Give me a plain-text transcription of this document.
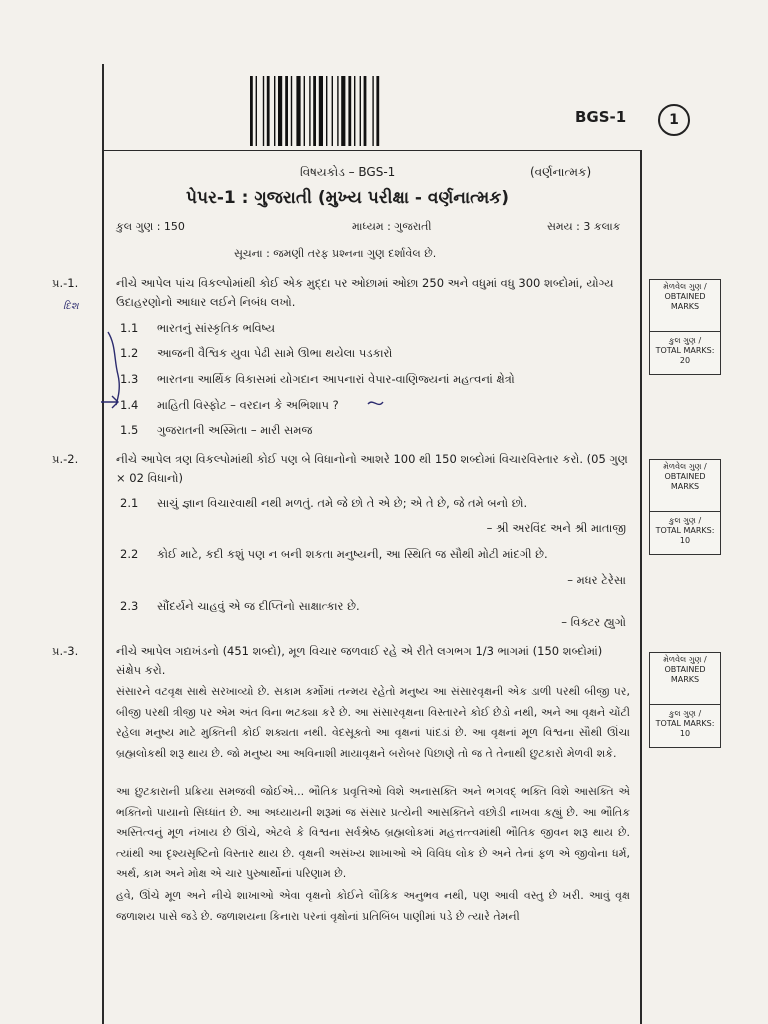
BGS-1	1
વિષયકોડ – BGS-1	(વર્ણનાત્મક)
પેપર-1 : ગુજરાતી (મુખ્ય પરીક્ષા - વર્ણનાત્મક)
કુલ ગુણ : 150	માધ્યમ : ગુજરાતી	સમય : 3 કલાક
સૂચના : જમણી તરફ પ્રશ્નના ગુણ દર્શાવેલ છે.
પ્ર.-1.	નીચે આપેલ પાંચ વિકલ્પોમાંથી કોઈ એક મુદ્દા પર ઓછામાં ઓછા 250 અને વધુમાં વધુ 300 શબ્દોમાં, યોગ્ય ઉદાહરણોનો આધાર લઈને નિબંધ લખો.
1.1 ભારતનું સાંસ્કૃતિક ભવિષ્ય
1.2 આજની વૈશ્વિક યુવા પેઢી સામે ઊભા થયેલા પડકારો
1.3 ભારતના આર્થિક વિકાસમાં યોગદાન આપનારાં વેપાર-વાણિજ્યનાં મહત્વનાં ક્ષેત્રો
1.4 માહિતી વિસ્ફોટ – વરદાન કે અભિશાપ ?
1.5 ગુજરાતની અસ્મિતા – મારી સમજ
મેળવેલ ગુણ /
OBTAINED MARKS
કુલ ગુણ /
TOTAL MARKS: 20
પ્ર.-2.	નીચે આપેલ ત્રણ વિકલ્પોમાંથી કોઈ પણ બે વિધાનોનો આશરે 100 થી 150 શબ્દોમાં વિચારવિસ્તાર કરો. (05 ગુણ × 02 વિધાનો)
2.1 સાચું જ્ઞાન વિચારવાથી નથી મળતું. તમે જે છો તે એ છે; એ તે છે, જે તમે બનો છો.
– શ્રી અરવિંદ અને શ્રી માતાજી
2.2 કોઈ માટે, કદી કશું પણ ન બની શકતા મનુષ્યની, આ સ્થિતિ જ સૌથી મોટી માંદગી છે.
– મધર ટેરેસા
2.3 સૌંદર્યને ચાહવું એ જ દીપ્તિનો સાક્ષાત્કાર છે.
– વિક્ટર હ્યુગો
મેળવેલ ગુણ /
OBTAINED MARKS
કુલ ગુણ /
TOTAL MARKS: 10
પ્ર.-3.	નીચે આપેલ ગદ્યખંડનો (451 શબ્દો), મૂળ વિચાર જળવાઈ રહે એ રીતે લગભગ 1/3 ભાગમાં (150 શબ્દોમાં) સંક્ષેપ કરો.
સંસારને વટવૃક્ષ સાથે સરખાવ્યો છે. સકામ કર્મોમાં તન્મય રહેતો મનુષ્ય આ સંસારવૃક્ષની એક ડાળી પરથી બીજી પર, બીજી પરથી ત્રીજી પર એમ અંત વિના ભટક્યા કરે છે. આ સંસારવૃક્ષના વિસ્તારને કોઈ છેડો નથી, અને આ વૃક્ષને ચોંટી રહેલા મનુષ્ય માટે મુક્તિની કોઈ શક્યતા નથી. વેદસૂક્તો આ વૃક્ષનાં પાંદડાં છે. આ વૃક્ષનાં મૂળ વિશ્વના સૌથી ઊંચા બ્રહ્મલોકથી શરૂ થાય છે. જો મનુષ્ય આ અવિનાશી માયાવૃક્ષને બરોબર પિછાણે તો જ તે તેનાથી છુટકારો મેળવી શકે.
આ છુટકારાની પ્રક્રિયા સમજવી જોઈએ... ભૌતિક પ્રવૃત્તિઓ વિશે અનાસક્તિ અને ભગવદ્ ભક્તિ વિશે આસક્તિ એ ભક્તિનો પાયાનો સિધ્ધાંત છે. આ અધ્યાયની શરૂમાં જ સંસાર પ્રત્યેની આસક્તિને વછોડી નાખવા કહ્યું છે. આ ભૌતિક અસ્તિત્વનું મૂળ નંખાય છે ઊંચે, એટલે કે વિશ્વના સર્વશ્રેષ્ઠ બ્રહ્મલોકમાં મહત્તત્ત્વમાંથી ભૌતિક જીવન શરૂ થાય છે. ત્યાંથી આ દૃશ્યસૃષ્ટિનો વિસ્તાર થાય છે. વૃક્ષની અસંખ્ય શાખાઓ એ વિવિધ લોક છે અને તેનાં ફળ એ જીવોના ધર્મ, અર્થ, કામ અને મોક્ષ એ ચાર પુરુષાર્થોનાં પરિણામ છે.
હવે, ઊંચે મૂળ અને નીચે શાખાઓ એવા વૃક્ષનો કોઈને લૌકિક અનુભવ નથી, પણ આવી વસ્તુ છે ખરી. આવું વૃક્ષ જળાશય પાસે જડે છે. જળાશયના કિનારા પરનાં વૃક્ષોનાં પ્રતિબિંબ પાણીમાં પડે છે ત્યારે તેમની
મેળવેલ ગુણ /
OBTAINED MARKS
કુલ ગુણ /
TOTAL MARKS: 10
દિશ
